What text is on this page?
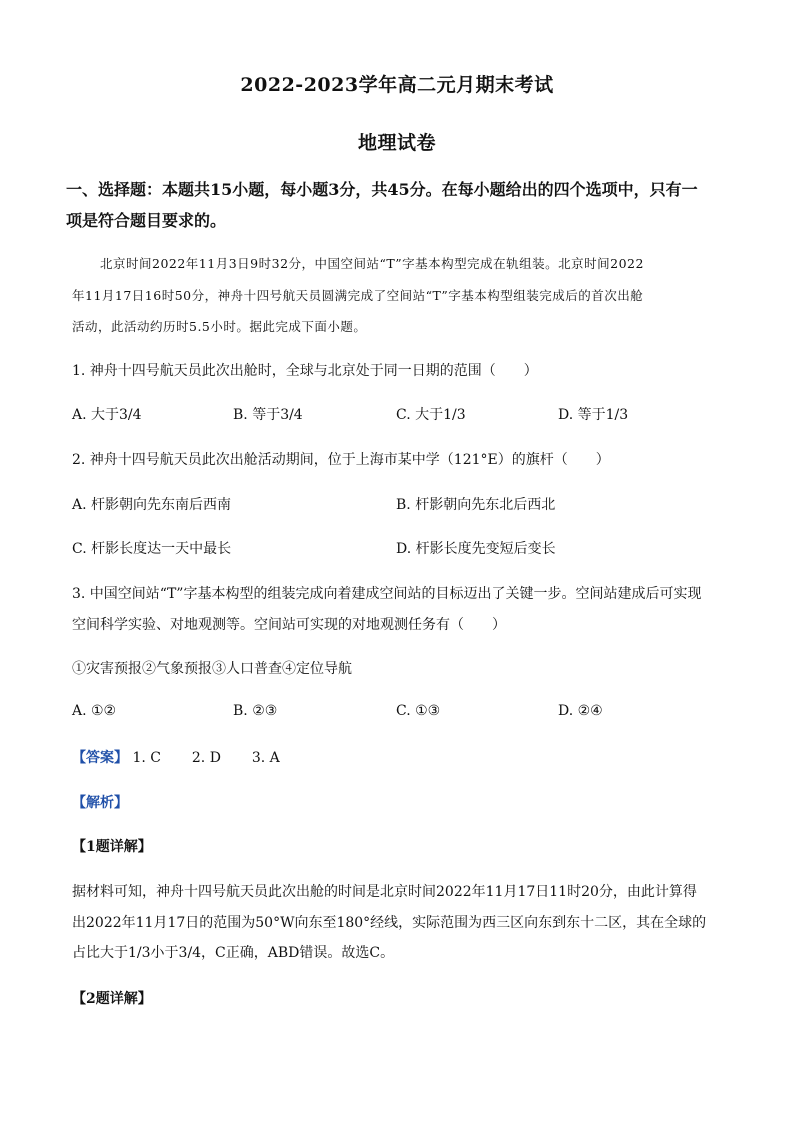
2022-2023学年高二元月期末考试
地理试卷
一、选择题：本题共15小题，每小题3分，共45分。在每小题给出的四个选项中，只有一
项是符合题目要求的。
北京时间2022年11月3日9时32分，中国空间站“T”字基本构型完成在轨组装。北京时间2022
年11月17日16时50分，神舟十四号航天员圆满完成了空间站“T”字基本构型组装完成后的首次出舱
活动，此活动约历时5.5小时。据此完成下面小题。
1. 神舟十四号航天员此次出舱时，全球与北京处于同一日期的范围（　　）
A. 大于3/4	B. 等于3/4	C. 大于1/3	D. 等于1/3
2. 神舟十四号航天员此次出舱活动期间，位于上海市某中学（121°E）的旗杆（　　）
A. 杆影朝向先东南后西南	B. 杆影朝向先东北后西北
C. 杆影长度达一天中最长	D. 杆影长度先变短后变长
3. 中国空间站“T”字基本构型的组装完成向着建成空间站的目标迈出了关键一步。空间站建成后可实现
空间科学实验、对地观测等。空间站可实现的对地观测任务有（　　）
①灾害预报②气象预报③人口普查④定位导航
A. ①②	B. ②③	C. ①③	D. ②④
【答案】 1. C 2. D 3. A
【解析】
【1题详解】
据材料可知，神舟十四号航天员此次出舱的时间是北京时间2022年11月17日11时20分，由此计算得
出2022年11月17日的范围为50°W向东至180°经线，实际范围为西三区向东到东十二区，其在全球的
占比大于1/3小于3/4，C正确，ABD错误。故选C。
【2题详解】
